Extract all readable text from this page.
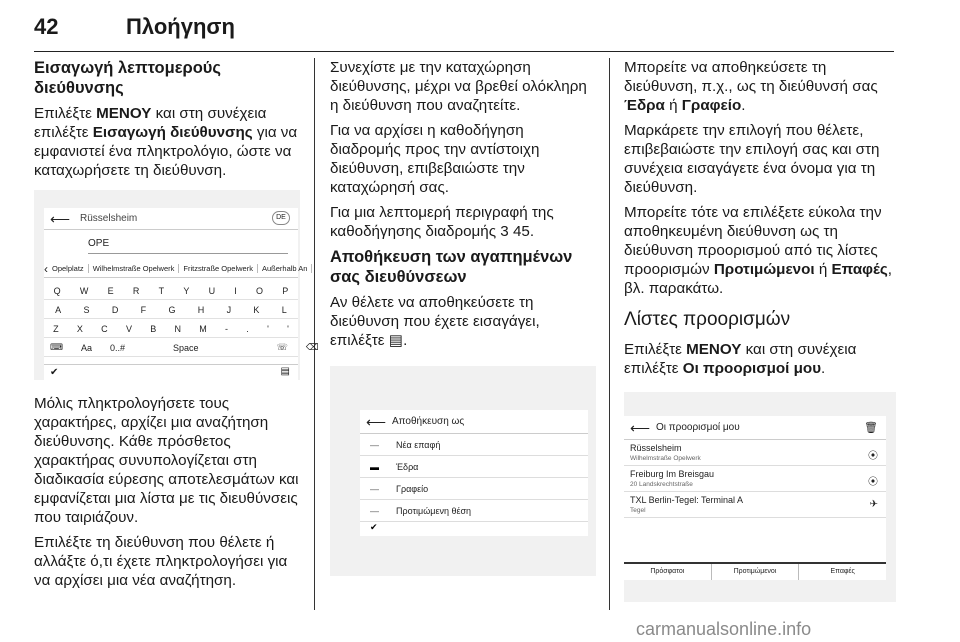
42	Πλοήγηση
Εισαγωγή λεπτομερούς διεύθυνσης

Επιλέξτε ΜΕΝΟΥ και στη συνέχεια επιλέξτε Εισαγωγή διεύθυνσης για να εμφανιστεί ένα πληκτρολόγιο, ώστε να καταχωρήσετε τη διεύθυνση.

⟵ Rüsselsheim	DE
OPE
‹ Opelplatz	Wilhelmstraße Opelwerk	Fritzstraße Opelwerk	Außerhalb An
Q W E R T Y U I O P
A S D F G H J K L
Z X C V B N M - . ' '
⌨ Aa 0..#	Space	☏ ⌫
✔	▤

Μόλις πληκτρολογήσετε τους χαρακτήρες, αρχίζει μια αναζήτηση διεύθυνσης. Κάθε πρόσθετος χαρακτήρας συνυπολογίζεται στη διαδικασία εύρεσης αποτελεσμάτων και εμφανίζεται μια λίστα με τις διευθύνσεις που ταιριάζουν.

Επιλέξτε τη διεύθυνση που θέλετε ή αλλάξτε ό,τι έχετε πληκτρολογήσει για να αρχίσει μια νέα αναζήτηση.

Συνεχίστε με την καταχώρηση διεύθυνσης, μέχρι να βρεθεί ολόκληρη η διεύθυνση που αναζητείτε.

Για να αρχίσει η καθοδήγηση διαδρομής προς την αντίστοιχη διεύθυνση, επιβεβαιώστε την καταχώρησή σας.

Για μια λεπτομερή περιγραφή της καθοδήγησης διαδρομής 3 45.

Αποθήκευση των αγαπημένων σας διευθύνσεων

Αν θέλετε να αποθηκεύσετε τη διεύθυνση που έχετε εισαγάγει, επιλέξτε ▤.

⟵ Αποθήκευση ως
—	Νέα επαφή
▬	Έδρα
—	Γραφείο
—	Προτιμώμενη θέση
✔

Μπορείτε να αποθηκεύσετε τη διεύθυνση, π.χ., ως τη διεύθυνσή σας Έδρα ή Γραφείο.

Μαρκάρετε την επιλογή που θέλετε, επιβεβαιώστε την επιλογή σας και στη συνέχεια εισαγάγετε ένα όνομα για τη διεύθυνση.

Μπορείτε τότε να επιλέξετε εύκολα την αποθηκευμένη διεύθυνση ως τη διεύθυνση προορισμού από τις λίστες προορισμών Προτιμώμενοι ή Επαφές, βλ. παρακάτω.

Λίστες προορισμών

Επιλέξτε ΜΕΝΟΥ και στη συνέχεια επιλέξτε Οι προορισμοί μου.

⟵ Οι προορισμοί μου	🗑
Rüsselsheim
Wilhelmstraße Opelwerk	⦿
Freiburg Im Breisgau
20 Landskrechtstraße	⦿
TXL Berlin-Tegel: Terminal A
Tegel
✈
Πρόσφατοι	Προτιμώμενοι	Επαφές
carmanualsonline.info
